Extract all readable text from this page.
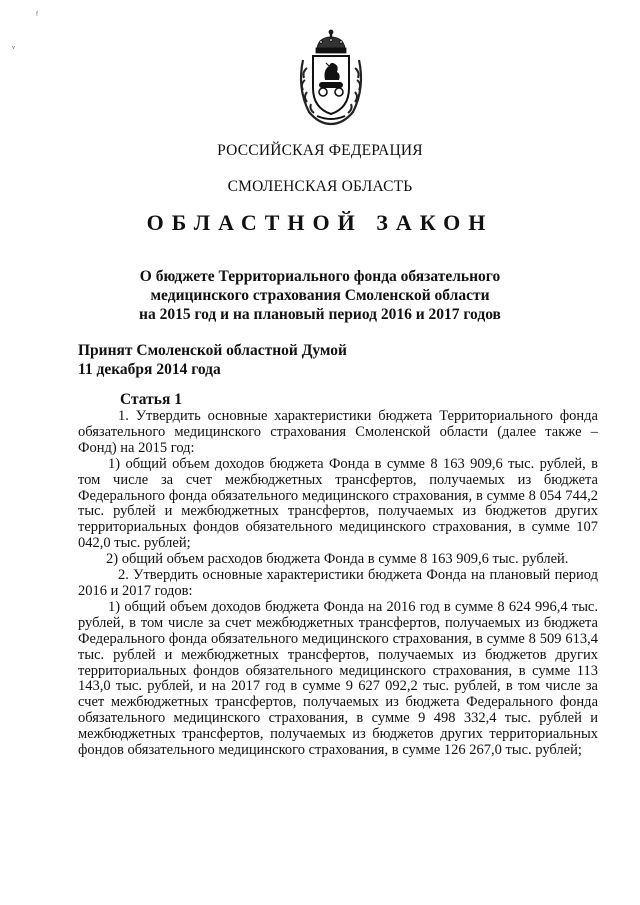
ᶠ
ᵥ
РОССИЙСКАЯ ФЕДЕРАЦИЯ
СМОЛЕНСКАЯ ОБЛАСТЬ
ОБЛАСТНОЙ ЗАКОН
О бюджете Территориального фонда обязательного
медицинского страхования Смоленской области
на 2015 год и на плановый период 2016 и 2017 годов
Принят Смоленской областной Думой
11 декабря 2014 года
Статья 1

1. Утвердить основные характеристики бюджета Территориального фонда обязательного медицинского страхования Смоленской области (далее также – Фонд) на 2015 год:

1) общий объем доходов бюджета Фонда в сумме 8 163 909,6 тыс. рублей, в том числе за счет межбюджетных трансфертов, получаемых из бюджета Федерального фонда обязательного медицинского страхования, в сумме 8 054 744,2 тыс. рублей и межбюджетных трансфертов, получаемых из бюджетов других территориальных фондов обязательного медицинского страхования, в сумме 107 042,0 тыс. рублей;

2) общий объем расходов бюджета Фонда в сумме 8 163 909,6 тыс. рублей.

2. Утвердить основные характеристики бюджета Фонда на плановый период 2016 и 2017 годов:

1) общий объем доходов бюджета Фонда на 2016 год в сумме 8 624 996,4 тыс. рублей, в том числе за счет межбюджетных трансфертов, получаемых из бюджета Федерального фонда обязательного медицинского страхования, в сумме 8 509 613,4 тыс. рублей и межбюджетных трансфертов, получаемых из бюджетов других территориальных фондов обязательного медицинского страхования, в сумме 113 143,0 тыс. рублей, и на 2017 год в сумме 9 627 092,2 тыс. рублей, в том числе за счет межбюджетных трансфертов, получаемых из бюджета Федерального фонда обязательного медицинского страхования, в сумме 9 498 332,4 тыс. рублей и межбюджетных трансфертов, получаемых из бюджетов других территориальных фондов обязательного медицинского страхования, в сумме 126 267,0 тыс. рублей;
